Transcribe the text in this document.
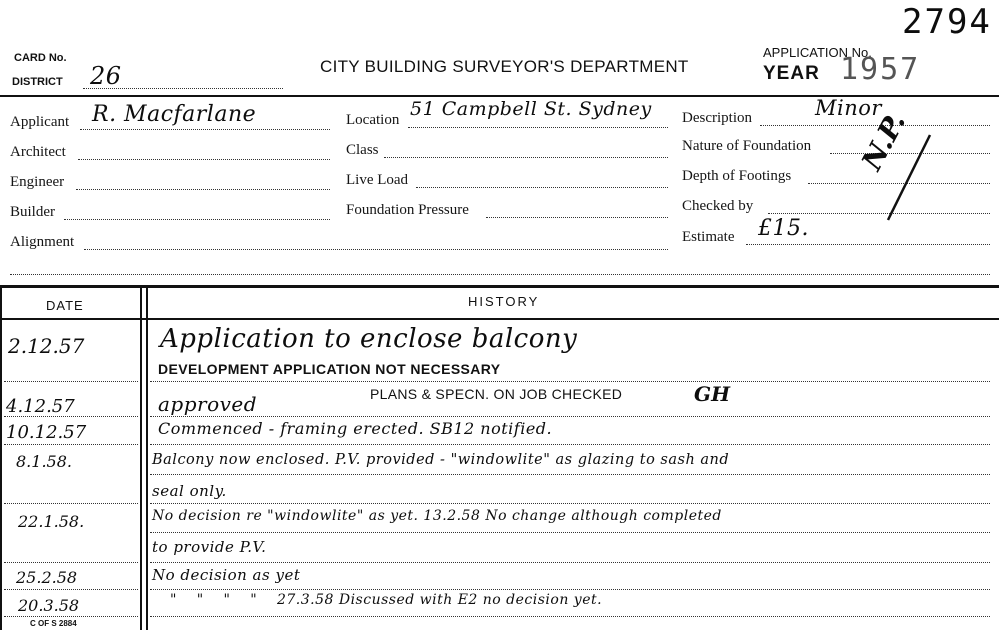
2794
CARD No.
DISTRICT 26	CITY BUILDING SURVEYOR'S DEPARTMENT
APPLICATION No.
YEAR 1957
Applicant R. Macfarlane
Architect
Engineer
Builder
Alignment
Location 51 Campbell St. Sydney
Class
Live Load
Foundation Pressure
Description	Minor
Nature of Foundation
Depth of Footings
Checked by
Estimate £15.
N.P.
DATE	HISTORY
2.12.57	Application to enclose balcony
DEVELOPMENT APPLICATION NOT NECESSARY
4.12.57	approved	PLANS & SPECN. ON JOB CHECKED	GH
10.12.57	Commenced - framing erected. SB12 notified.
8.1.58.	Balcony now enclosed. P.V. provided - "windowlite" as glazing to sash and
seal only.
22.1.58.	No decision re "windowlite" as yet. 13.2.58 No change although completed
to provide P.V.
25.2.58	No decision as yet
20.3.58	"    "    "    "    27.3.58 Discussed with E2 no decision yet.
C OF S 2884
